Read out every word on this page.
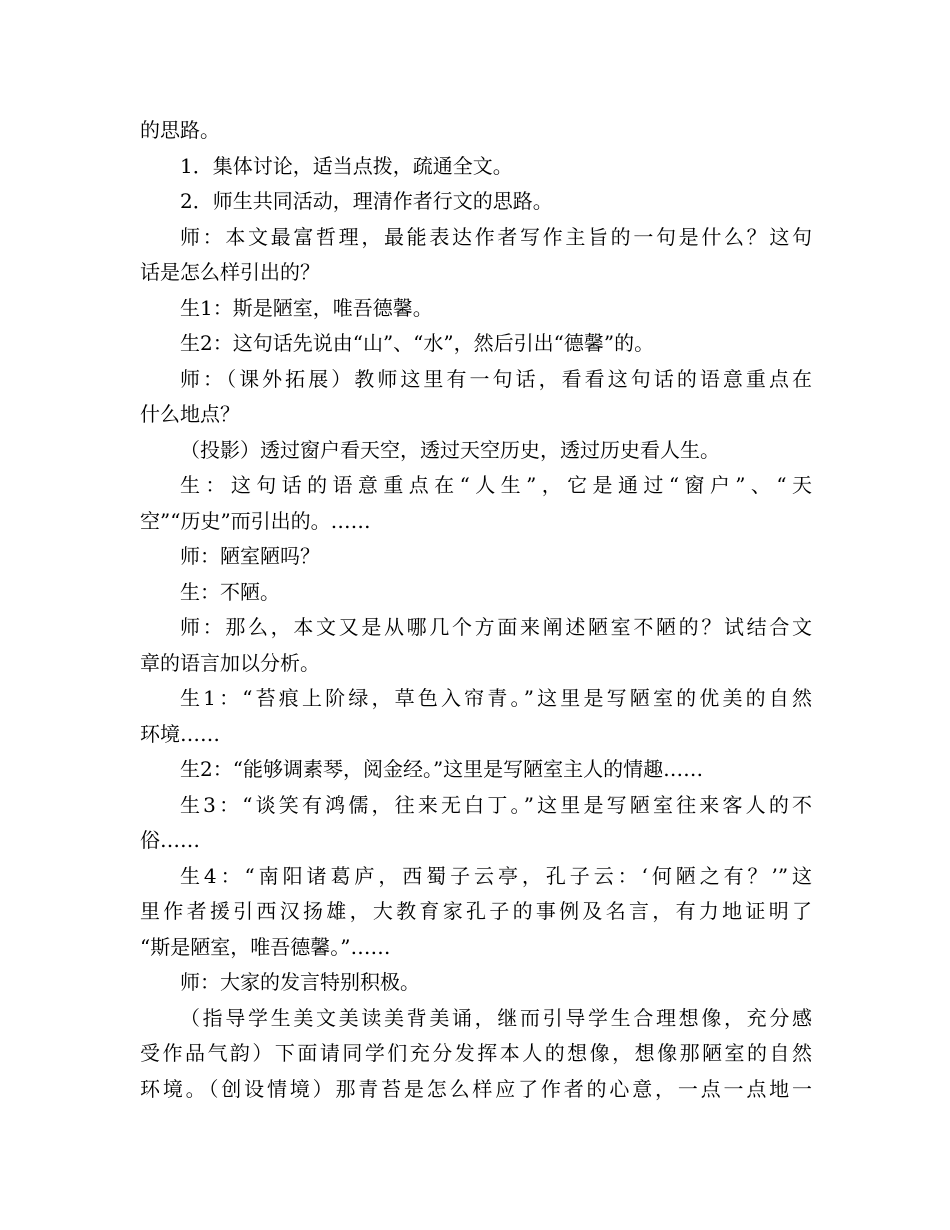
的思路。
1．集体讨论，适当点拨，疏通全文。
2．师生共同活动，理清作者行文的思路。
师：本文最富哲理，最能表达作者写作主旨的一句是什么？这句
话是怎么样引出的？
生1：斯是陋室，唯吾德馨。
生2：这句话先说由“山”、“水”，然后引出“德馨”的。
师：（课外拓展）教师这里有一句话，看看这句话的语意重点在
什么地点？
（投影）透过窗户看天空，透过天空历史，透过历史看人生。
生：这句话的语意重点在“人生”，它是通过“窗户”、“天
空”“历史”而引出的。……
师：陋室陋吗？
生：不陋。
师：那么，本文又是从哪几个方面来阐述陋室不陋的？试结合文
章的语言加以分析。
生1：“苔痕上阶绿，草色入帘青。”这里是写陋室的优美的自然
环境……
生2：“能够调素琴，阅金经。”这里是写陋室主人的情趣……
生3：“谈笑有鸿儒，往来无白丁。”这里是写陋室往来客人的不
俗……
生4：“南阳诸葛庐，西蜀子云亭，孔子云：‘何陋之有？’”这
里作者援引西汉扬雄，大教育家孔子的事例及名言，有力地证明了
“斯是陋室，唯吾德馨。”……
师：大家的发言特别积极。
（指导学生美文美读美背美诵，继而引导学生合理想像，充分感
受作品气韵）下面请同学们充分发挥本人的想像，想像那陋室的自然
环境。（创设情境）那青苔是怎么样应了作者的心意，一点一点地一
